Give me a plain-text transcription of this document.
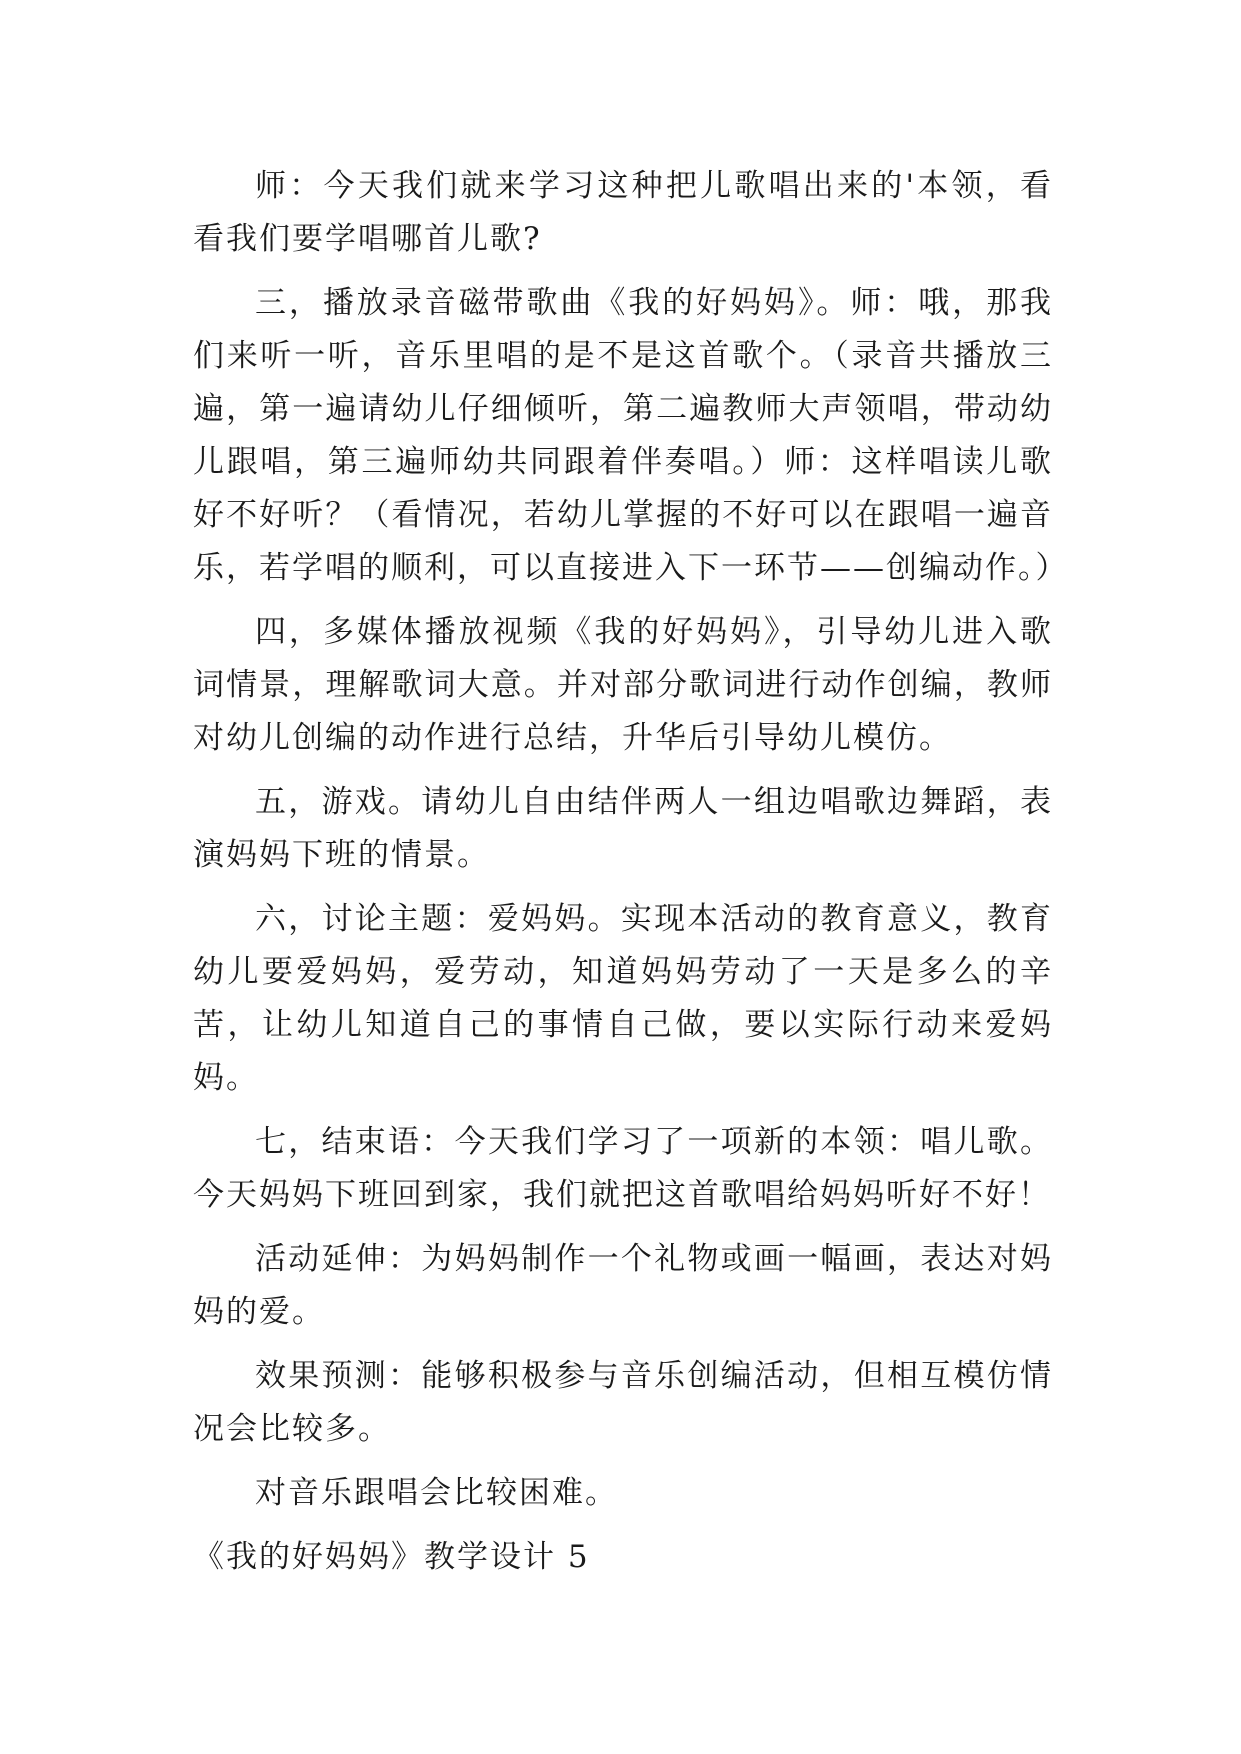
师：今天我们就来学习这种把儿歌唱出来的'本领，看看我们要学唱哪首儿歌?

三，播放录音磁带歌曲《我的好妈妈》。师：哦，那我们来听一听，音乐里唱的是不是这首歌个。（录音共播放三遍，第一遍请幼儿仔细倾听，第二遍教师大声领唱，带动幼儿跟唱，第三遍师幼共同跟着伴奏唱。）师：这样唱读儿歌好不好听？（看情况，若幼儿掌握的不好可以在跟唱一遍音乐，若学唱的顺利，可以直接进入下一环节——创编动作。）

四，多媒体播放视频《我的好妈妈》，引导幼儿进入歌词情景，理解歌词大意。并对部分歌词进行动作创编，教师对幼儿创编的动作进行总结，升华后引导幼儿模仿。

五，游戏。请幼儿自由结伴两人一组边唱歌边舞蹈，表演妈妈下班的情景。

六，讨论主题：爱妈妈。实现本活动的教育意义，教育幼儿要爱妈妈，爱劳动，知道妈妈劳动了一天是多么的辛苦，让幼儿知道自己的事情自己做，要以实际行动来爱妈妈。

七，结束语：今天我们学习了一项新的本领：唱儿歌。今天妈妈下班回到家，我们就把这首歌唱给妈妈听好不好！

活动延伸：为妈妈制作一个礼物或画一幅画，表达对妈妈的爱。

效果预测：能够积极参与音乐创编活动，但相互模仿情况会比较多。

对音乐跟唱会比较困难。

《我的好妈妈》教学设计 5
